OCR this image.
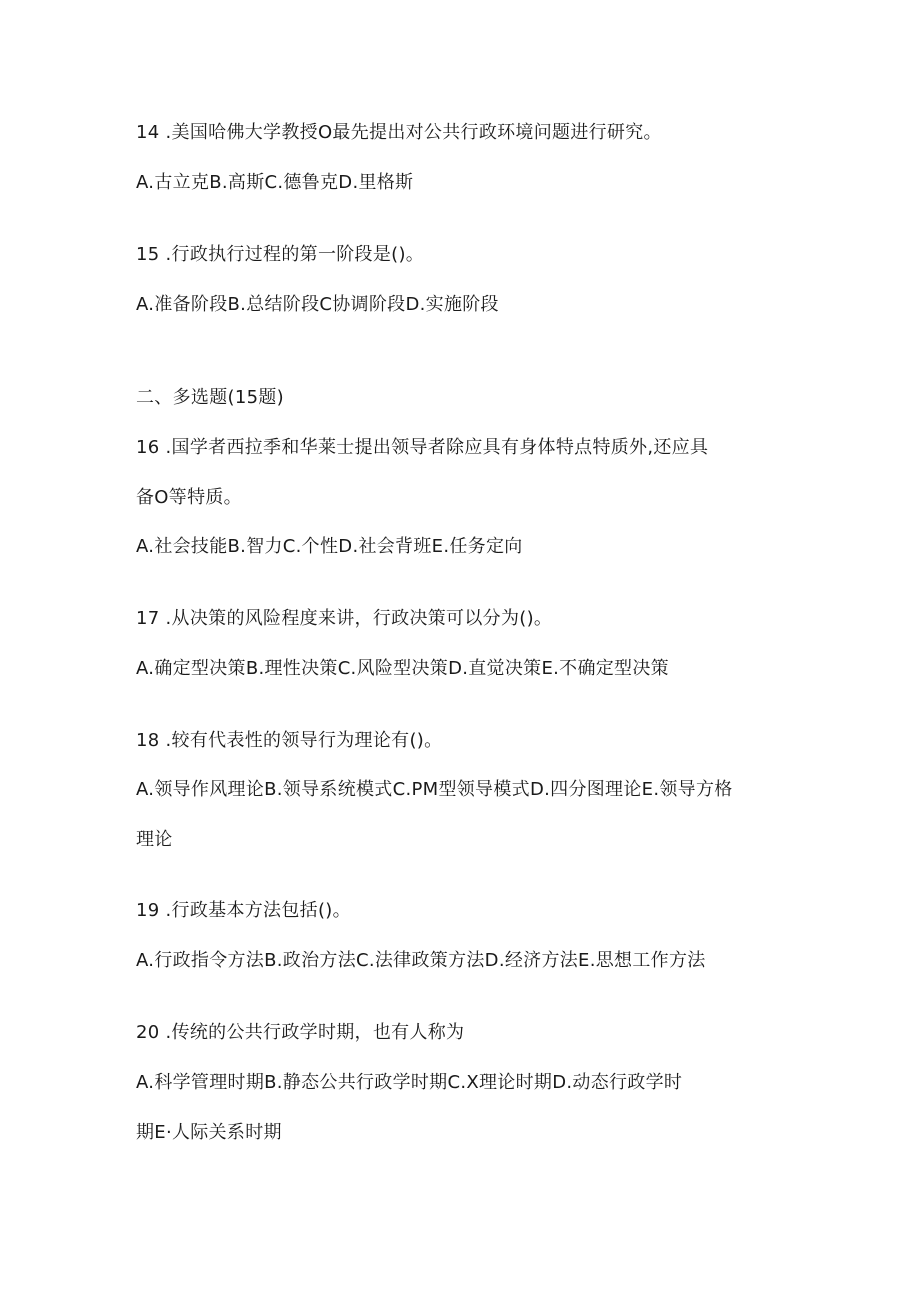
14 .美国哈佛大学教授O最先提出对公共行政环境问题进行研究。
A.古立克B.高斯C.德鲁克D.里格斯
15 .行政执行过程的第一阶段是()。
A.准备阶段B.总结阶段C协调阶段D.实施阶段
二、多选题(15题)
16 .国学者西拉季和华莱士提出领导者除应具有身体特点特质外,还应具
备O等特质。
A.社会技能B.智力C.个性D.社会背班E.任务定向
17 .从决策的风险程度来讲，行政决策可以分为()。
A.确定型决策B.理性决策C.风险型决策D.直觉决策E.不确定型决策
18 .较有代表性的领导行为理论有()。
A.领导作风理论B.领导系统模式C.PM型领导模式D.四分图理论E.领导方格
理论
19 .行政基本方法包括()。
A.行政指令方法B.政治方法C.法律政策方法D.经济方法E.思想工作方法
20 .传统的公共行政学时期，也有人称为
A.科学管理时期B.静态公共行政学时期C.X理论时期D.动态行政学时
期E·人际关系时期
